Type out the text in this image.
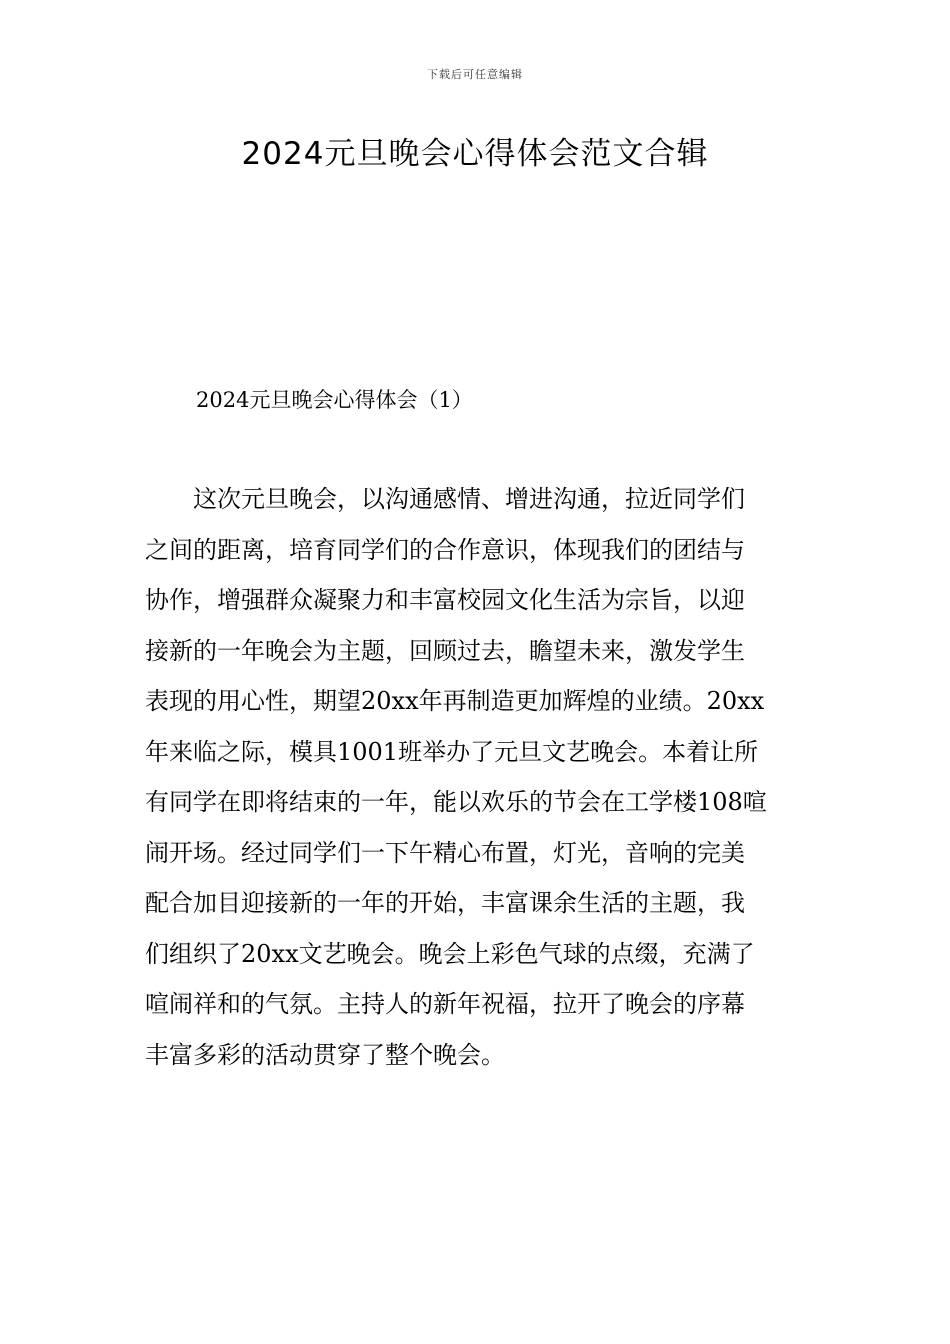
下载后可任意编辑
2024元旦晚会心得体会范文合辑
2024元旦晚会心得体会（1）
　　这次元旦晚会，以沟通感情、增进沟通，拉近同学们
之间的距离，培育同学们的合作意识，体现我们的团结与
协作，增强群众凝聚力和丰富校园文化生活为宗旨，以迎
接新的一年晚会为主题，回顾过去，瞻望未来，激发学生
表现的用心性，期望20xx年再制造更加辉煌的业绩。20xx
年来临之际，模具1001班举办了元旦文艺晚会。本着让所
有同学在即将结束的一年，能以欢乐的节会在工学楼108喧
闹开场。经过同学们一下午精心布置，灯光，音响的完美
配合加目迎接新的一年的开始，丰富课余生活的主题，我
们组织了20xx文艺晚会。晚会上彩色气球的点缀，充满了
喧闹祥和的气氛。主持人的新年祝福，拉开了晚会的序幕
丰富多彩的活动贯穿了整个晚会。
